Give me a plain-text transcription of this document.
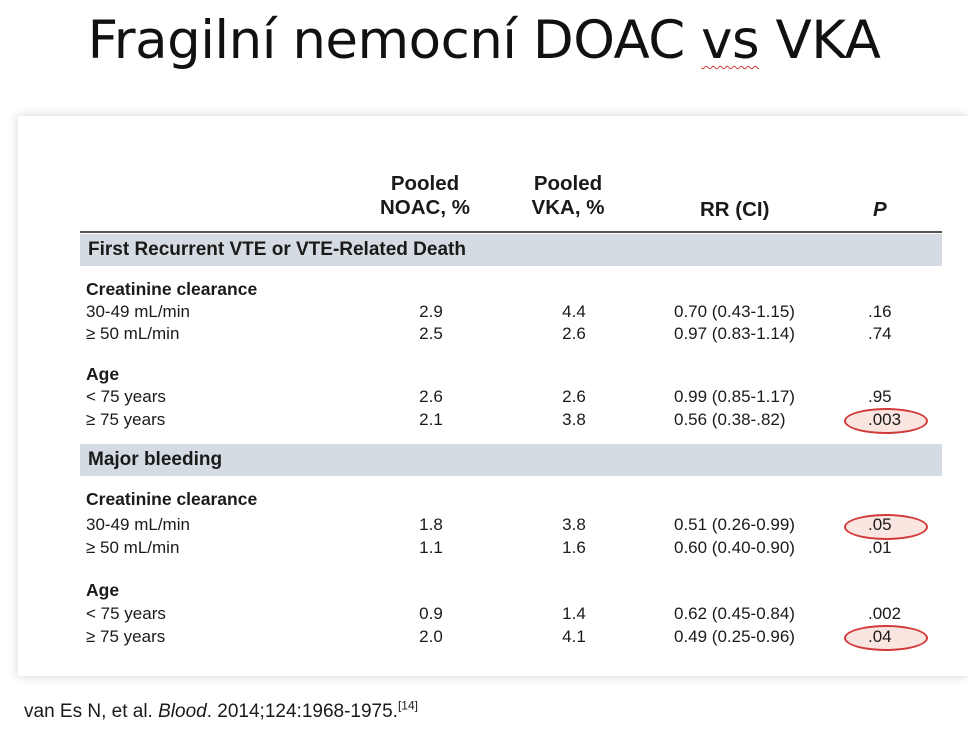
Fragilní nemocní DOAC vs VKA
Pooled
NOAC, %
Pooled
VKA, %	RR (CI)	P
First Recurrent VTE or VTE-Related Death
Creatinine clearance
30-49 mL/min	2.9	4.4	0.70 (0.43-1.15)	.16
≥ 50 mL/min	2.5	2.6	0.97 (0.83-1.14)	.74
Age
< 75 years	2.6	2.6	0.99 (0.85-1.17)	.95
≥ 75 years	2.1	3.8	0.56 (0.38-.82)	.003
Major bleeding
Creatinine clearance
30-49 mL/min	1.8	3.8	0.51 (0.26-0.99)	.05
≥ 50 mL/min	1.1	1.6	0.60 (0.40-0.90)	.01
Age
< 75 years	0.9	1.4	0.62 (0.45-0.84)	.002
≥ 75 years	2.0	4.1	0.49 (0.25-0.96)	.04
van Es N, et al. Blood. 2014;124:1968-1975.[14]
